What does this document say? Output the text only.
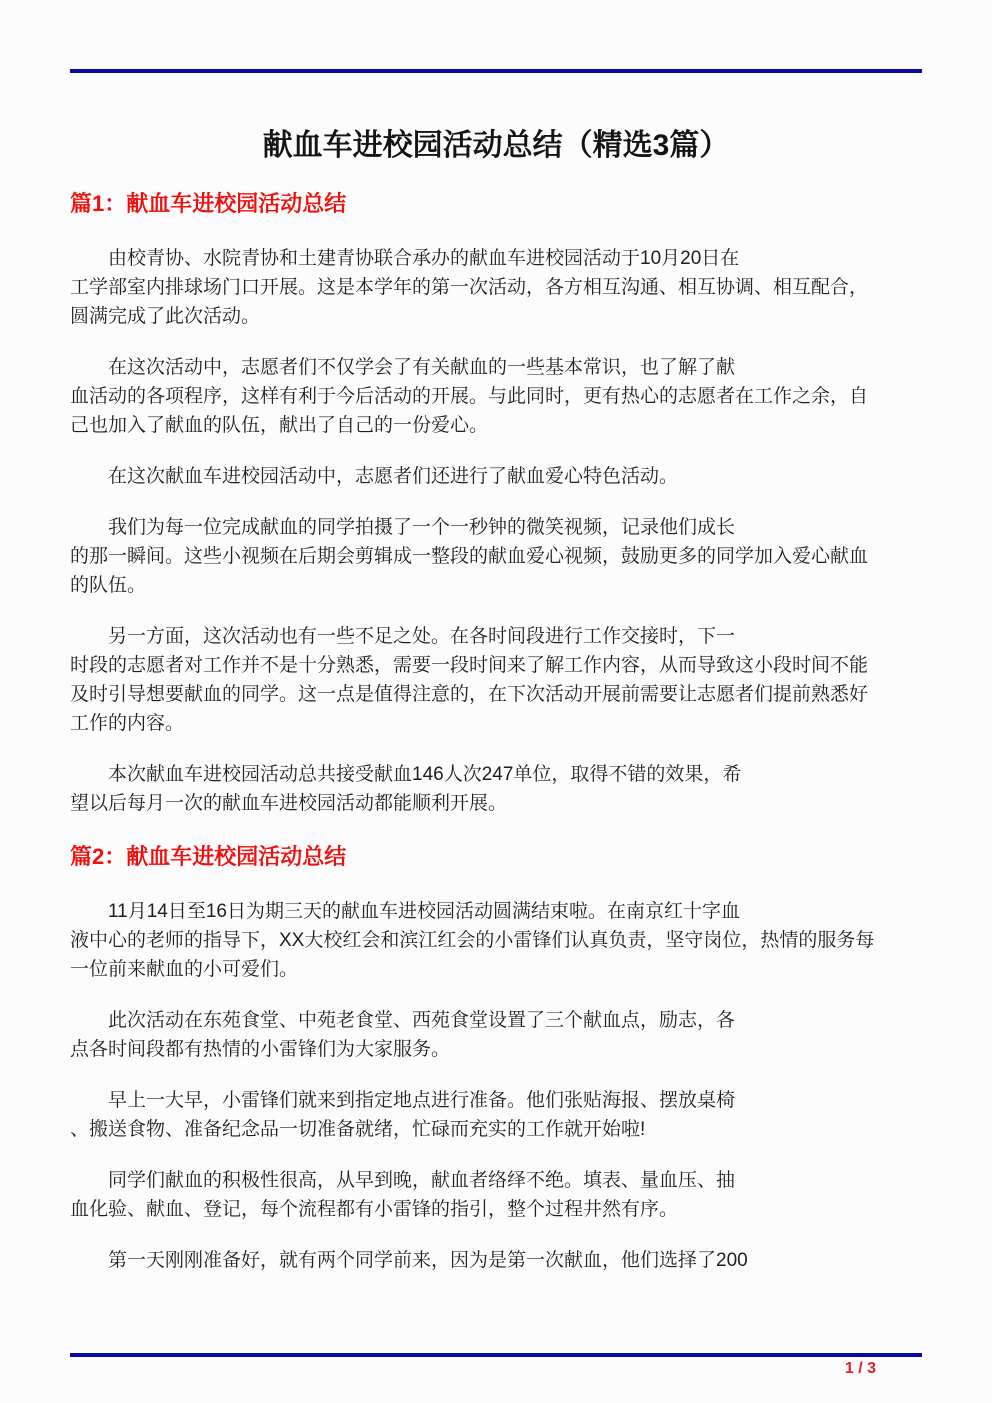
献血车进校园活动总结（精选3篇）
篇1：献血车进校园活动总结

由校青协、水院青协和土建青协联合承办的献血车进校园活动于10月20日在
工学部室内排球场门口开展。这是本学年的第一次活动，各方相互沟通、相互协调、相互配合，
圆满完成了此次活动。

在这次活动中，志愿者们不仅学会了有关献血的一些基本常识，也了解了献
血活动的各项程序，这样有利于今后活动的开展。与此同时，更有热心的志愿者在工作之余，自
己也加入了献血的队伍，献出了自己的一份爱心。

在这次献血车进校园活动中，志愿者们还进行了献血爱心特色活动。

我们为每一位完成献血的同学拍摄了一个一秒钟的微笑视频，记录他们成长
的那一瞬间。这些小视频在后期会剪辑成一整段的献血爱心视频，鼓励更多的同学加入爱心献血
的队伍。

另一方面，这次活动也有一些不足之处。在各时间段进行工作交接时，下一
时段的志愿者对工作并不是十分熟悉，需要一段时间来了解工作内容，从而导致这小段时间不能
及时引导想要献血的同学。这一点是值得注意的，在下次活动开展前需要让志愿者们提前熟悉好
工作的内容。

本次献血车进校园活动总共接受献血146人次247单位，取得不错的效果，希
望以后每月一次的献血车进校园活动都能顺利开展。

篇2：献血车进校园活动总结

11月14日至16日为期三天的献血车进校园活动圆满结束啦。在南京红十字血
液中心的老师的指导下，XX大校红会和滨江红会的小雷锋们认真负责，坚守岗位，热情的服务每
一位前来献血的小可爱们。

此次活动在东苑食堂、中苑老食堂、西苑食堂设置了三个献血点，励志，各
点各时间段都有热情的小雷锋们为大家服务。

早上一大早，小雷锋们就来到指定地点进行准备。他们张贴海报、摆放桌椅
、搬送食物、准备纪念品一切准备就绪，忙碌而充实的工作就开始啦!

同学们献血的积极性很高，从早到晚，献血者络绎不绝。填表、量血压、抽
血化验、献血、登记，每个流程都有小雷锋的指引，整个过程井然有序。

第一天刚刚准备好，就有两个同学前来，因为是第一次献血，他们选择了200

1 / 3
